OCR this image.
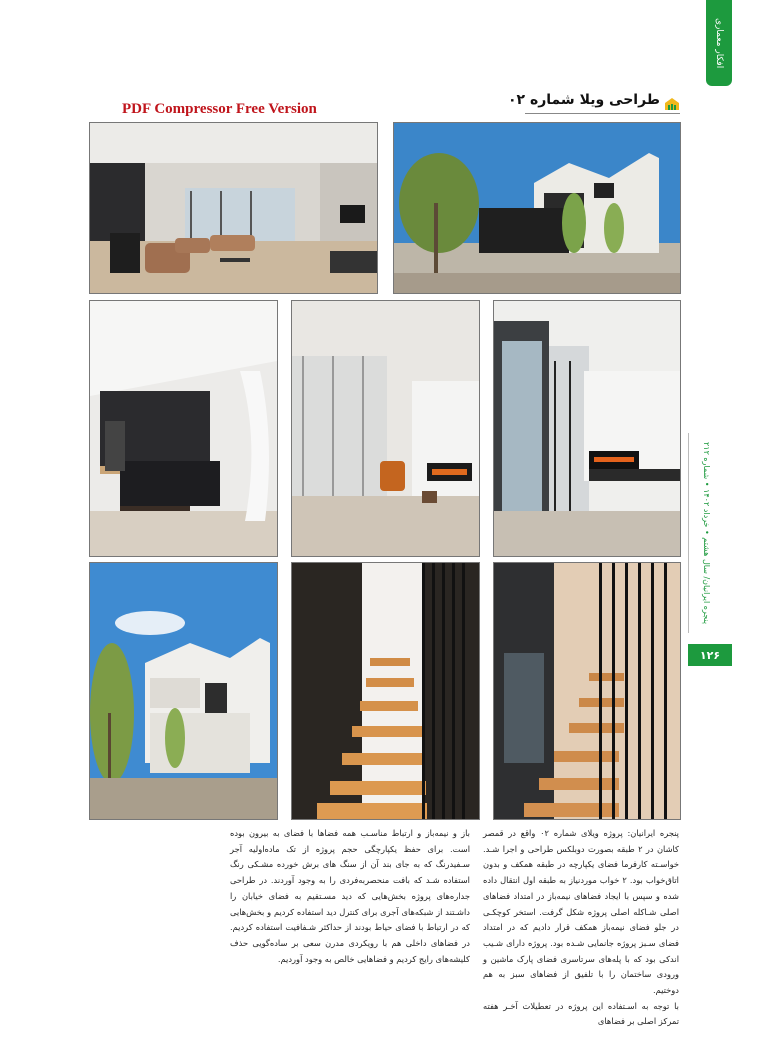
افکار معماری
طراحی ویلا شماره ۰۲
PDF Compressor Free Version
پنجره ایرانیان/ سال هشتم • خرداد ۱۴۰۲ • شماره ۲۱۲
۱۲۶

پنجره ایرانیان: پروژه ویلای شماره ۰۲ واقع در قمصر کاشان در ۲ طبقه بصورت دوبلکس طراحی و اجرا شـد. خواسـته کارفرما فضای یکپارچه در طبقه همکف و بدون اتاق‌خواب بود. ۲ خواب موردنیاز به طبقه اول انتقال داده شده و سپس با ایجاد فضاهای نیمه‌باز در امتداد فضاهای اصلی شـاکله اصلی پروژه شکل گرفت. استخر کوچکـی در جلو فضای نیمه‌باز همکف قرار دادیم که در امتداد فضای سـبز پروژه جانمایی شـده بود. پروژه دارای شـیب اندکی بود که با پله‌های سرتاسری فضای پارک ماشین و ورودی ساختمان را با تلفیق از فضاهای سبز به هم دوختیم.

با توجه به اسـتفاده این پروژه در تعطیلات آخـر هفته تمرکز اصلی بر فضاهای

باز و نیمه‌باز و ارتباط مناسـب همه فضاها با فضای به بیرون بوده است. برای حفظ یکپارچگی حجم پروژه از تک ماده‌اولیه آجر سـفیدرنگ که به جای بند آن از سنگ های برش خورده مشـکی رنگ استفاده شـد که بافت منحصربه‌فردی را به وجود آوردند. در طراحی جداره‌های پروژه بخش‌هایی که دید مسـتقیم به فضای خیابان را داشـتند از شبکه‌های آجری برای کنترل دید استفاده کردیم و بخش‌هایی که در ارتباط با فضای حیاط بودند از حداکثر شـفافیت استفاده کردیم. در فضاهای داخلی هم با رویکردی مدرن سعی بر ساده‌گویی حذف کلیشه‌های رایج کردیم و فضاهایی خالص به وجود آوردیم.
